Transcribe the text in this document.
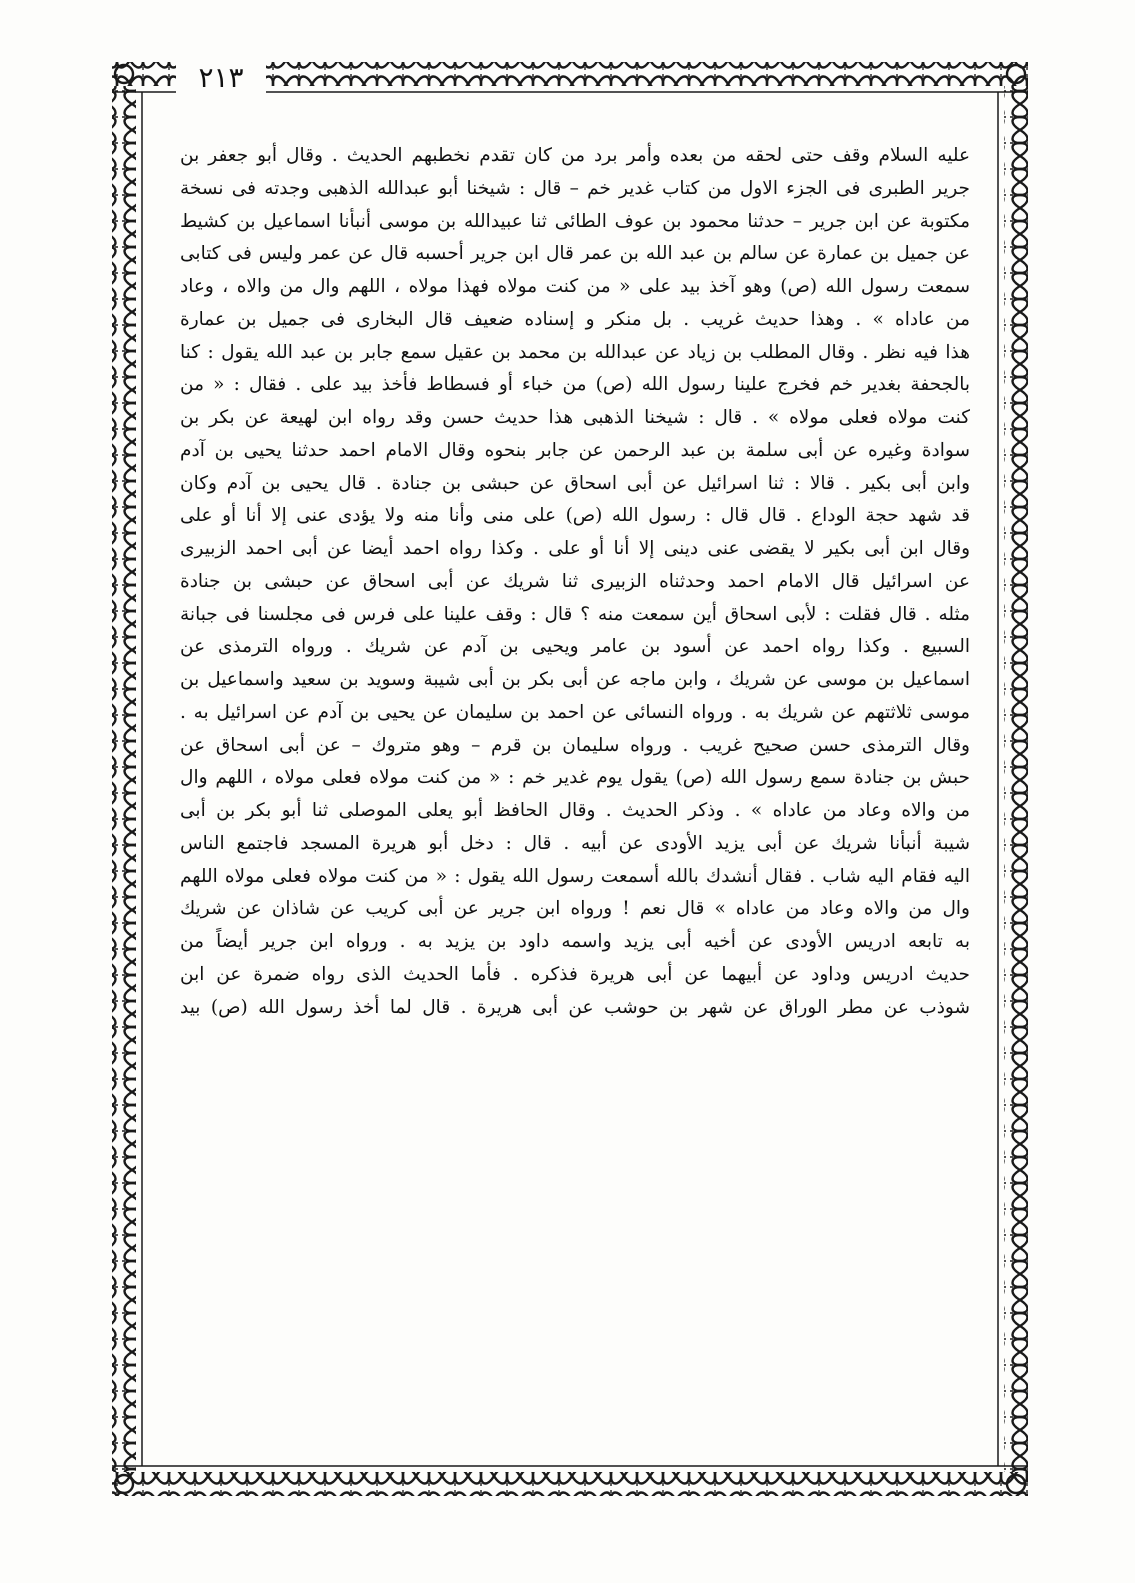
٢١٣
عليه السلام وقف حتى لحقه من بعده وأمر برد من كان تقدم نخطبهم الحديث . وقال أبو جعفر بن
جرير الطبرى فى الجزء الاول من كتاب غدير خم – قال : شيخنا أبو عبدالله الذهبى وجدته فى نسخة
مكتوبة عن ابن جرير – حدثنا محمود بن عوف الطائى ثنا عبيدالله بن موسى أنبأنا اسماعيل بن كشيط
عن جميل بن عمارة عن سالم بن عبد الله بن عمر قال ابن جرير أحسبه قال عن عمر وليس فى كتابى
سمعت رسول الله (ص) وهو آخذ بيد على « من كنت مولاه فهذا مولاه ، اللهم وال من والاه ، وعاد
من عاداه » . وهذا حديث غريب . بل منكر و إسناده ضعيف قال البخارى فى جميل بن عمارة
هذا فيه نظر . وقال المطلب بن زياد عن عبدالله بن محمد بن عقيل سمع جابر بن عبد الله يقول : كنا
بالجحفة بغدير خم فخرج علينا رسول الله (ص) من خباء أو فسطاط فأخذ بيد على . فقال : « من
كنت مولاه فعلى مولاه » . قال : شيخنا الذهبى هذا حديث حسن وقد رواه ابن لهيعة عن بكر بن
سوادة وغيره عن أبى سلمة بن عبد الرحمن عن جابر بنحوه وقال الامام احمد حدثنا يحيى بن آدم
وابن أبى بكير . قالا : ثنا اسرائيل عن أبى اسحاق عن حبشى بن جنادة . قال يحيى بن آدم وكان
قد شهد حجة الوداع . قال قال : رسول الله (ص) على منى وأنا منه ولا يؤدى عنى إلا أنا أو على
وقال ابن أبى بكير لا يقضى عنى دينى إلا أنا أو على . وكذا رواه احمد أيضا عن أبى احمد الزبيرى
عن اسرائيل قال الامام احمد وحدثناه الزبيرى ثنا شريك عن أبى اسحاق عن حبشى بن جنادة
مثله . قال فقلت : لأبى اسحاق أين سمعت منه ؟ قال : وقف علينا على فرس فى مجلسنا فى جبانة
السبيع . وكذا رواه احمد عن أسود بن عامر ويحيى بن آدم عن شريك . ورواه الترمذى عن
اسماعيل بن موسى عن شريك ، وابن ماجه عن أبى بكر بن أبى شيبة وسويد بن سعيد واسماعيل بن
موسى ثلاثتهم عن شريك به . ورواه النسائى عن احمد بن سليمان عن يحيى بن آدم عن اسرائيل به .
وقال الترمذى حسن صحيح غريب . ورواه سليمان بن قرم – وهو متروك – عن أبى اسحاق عن
حبش بن جنادة سمع رسول الله (ص) يقول يوم غدير خم : « من كنت مولاه فعلى مولاه ، اللهم وال
من والاه وعاد من عاداه » . وذكر الحديث . وقال الحافظ أبو يعلى الموصلى ثنا أبو بكر بن أبى
شيبة أنبأنا شريك عن أبى يزيد الأودى عن أبيه . قال : دخل أبو هريرة المسجد فاجتمع الناس
اليه فقام اليه شاب . فقال أنشدك بالله أسمعت رسول الله يقول : « من كنت مولاه فعلى مولاه اللهم
وال من والاه وعاد من عاداه » قال نعم ! ورواه ابن جرير عن أبى كريب عن شاذان عن شريك
به تابعه ادريس الأودى عن أخيه أبى يزيد واسمه داود بن يزيد به . ورواه ابن جرير أيضاً من
حديث ادريس وداود عن أبيهما عن أبى هريرة فذكره . فأما الحديث الذى رواه ضمرة عن ابن
شوذب عن مطر الوراق عن شهر بن حوشب عن أبى هريرة . قال لما أخذ رسول الله (ص) بيد
